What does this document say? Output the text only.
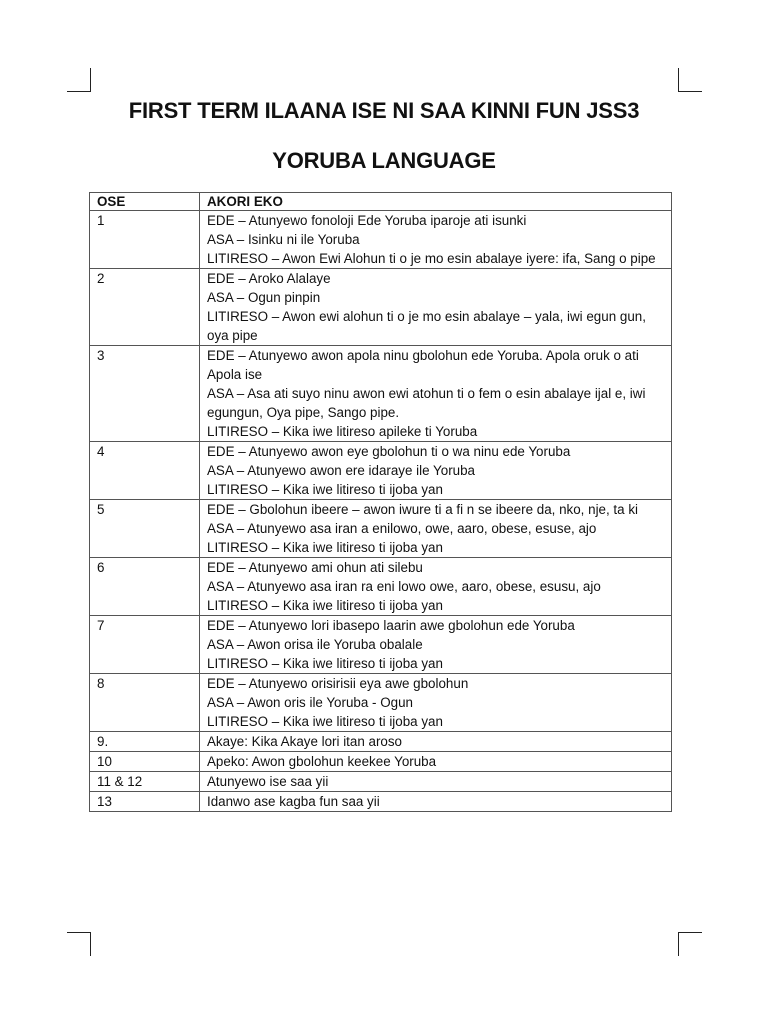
FIRST TERM ILAANA ISE NI SAA KINNI FUN JSS3
YORUBA LANGUAGE
OSE	AKORI EKO
1	EDE – Atunyewo fonoloji Ede Yoruba iparoje ati isunki
ASA – Isinku ni ile Yoruba
LITIRESO – Awon Ewi Alohun ti o je mo esin abalaye iyere: ifa, Sang o pipe

2	EDE – Aroko Alalaye
ASA – Ogun pinpin
LITIRESO – Awon ewi alohun ti o je mo esin abalaye – yala, iwi egun gun, oya pipe

3	EDE – Atunyewo awon apola ninu gbolohun ede Yoruba. Apola oruk o ati Apola ise
ASA – Asa ati suyo ninu awon ewi atohun ti o fem o esin abalaye ijal e, iwi egungun, Oya pipe, Sango pipe.
LITIRESO – Kika iwe litireso apileke ti Yoruba

4	EDE – Atunyewo awon eye gbolohun ti o wa ninu ede Yoruba
ASA – Atunyewo awon ere idaraye ile Yoruba
LITIRESO – Kika iwe litireso ti ijoba yan

5	EDE – Gbolohun ibeere – awon iwure ti a fi n se ibeere da, nko, nje, ta ki
ASA – Atunyewo asa iran a enilowo, owe, aaro, obese, esuse, ajo
LITIRESO – Kika iwe litireso ti ijoba yan

6	EDE – Atunyewo ami ohun ati silebu
ASA – Atunyewo asa iran ra eni lowo owe, aaro, obese, esusu, ajo
LITIRESO – Kika iwe litireso ti ijoba yan

7	EDE – Atunyewo lori ibasepo laarin awe gbolohun ede Yoruba
ASA – Awon orisa ile Yoruba obalale
LITIRESO – Kika iwe litireso ti ijoba yan

8	EDE – Atunyewo orisirisii eya awe gbolohun
ASA – Awon oris ile Yoruba - Ogun
LITIRESO – Kika iwe litireso ti ijoba yan

9.	Akaye: Kika Akaye lori itan aroso

10	Apeko: Awon gbolohun keekee Yoruba

11 & 12	Atunyewo ise saa yii

13	Idanwo ase kagba fun saa yii
